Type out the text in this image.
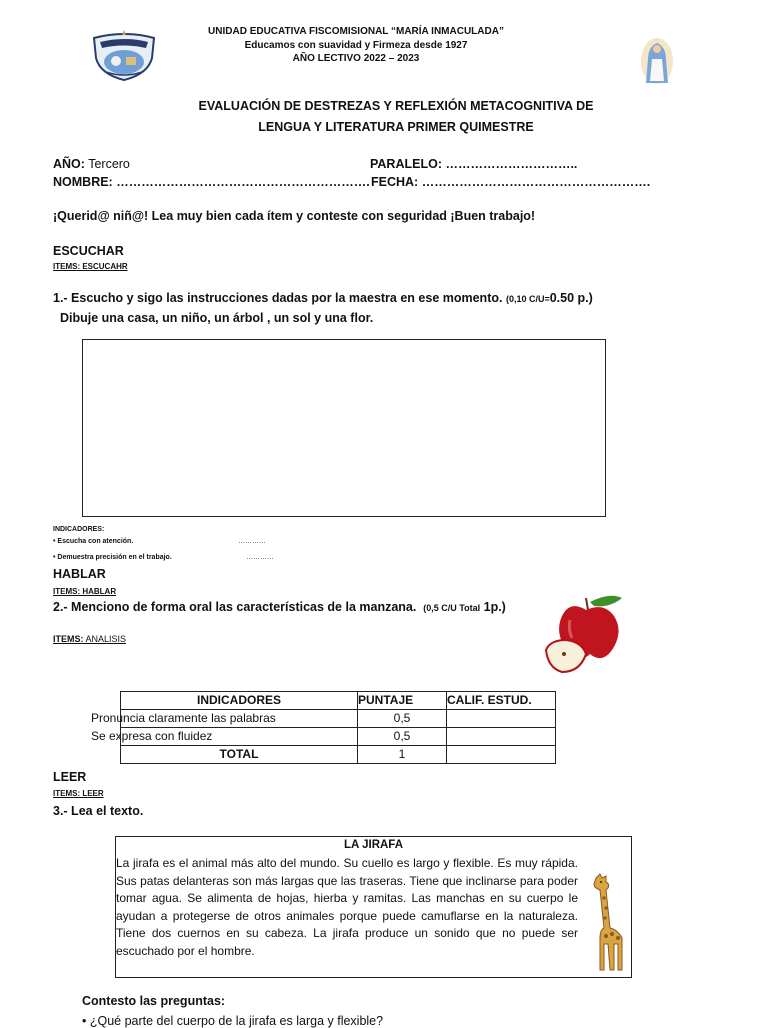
UNIDAD EDUCATIVA FISCOMISIONAL “MARÍA INMACULADA”
Educamos con suavidad y Firmeza desde 1927
AÑO LECTIVO 2022 – 2023
EVALUACIÓN DE DESTREZAS Y REFLEXIÓN METACOGNITIVA DE
LENGUA Y LITERATURA PRIMER QUIMESTRE
AÑO: Tercero	PARALELO: …………………………..
NOMBRE: ……………………………………………………. FECHA: ……………………………………………….
¡Querid@ niñ@! Lea muy bien cada ítem y conteste con seguridad ¡Buen trabajo!
ESCUCHAR
ITEMS: ESCUCAHR
1.- Escucho y sigo las instrucciones dadas por la maestra en ese momento. (0,10 C/U=0.50 p.)
Dibuje una casa, un niño, un árbol , un sol y una flor.
INDICADORES:
• Escucha con atención.	…………
• Demuestra precisión en el trabajo.	…………
HABLAR
ITEMS: HABLAR
2.- Menciono de forma oral las características de la manzana. (0,5 C/U Total 1p.)
ITEMS: ANALISIS
INDICADORES	PUNTAJE	CALIF. ESTUD.
Pronuncia claramente las palabras	0,5	
Se expresa con fluidez	0,5	
TOTAL	1	
LEER
ITEMS: LEER
3.- Lea el texto.
LA JIRAFA
La jirafa es el animal más alto del mundo. Su cuello es largo y flexible. Es muy rápida. Sus patas delanteras son más largas que las traseras. Tiene que inclinarse para poder tomar agua. Se alimenta de hojas, hierba y ramitas. Las manchas en su cuerpo le ayudan a protegerse de otros animales porque puede camuflarse en la naturaleza. Tiene dos cuernos en su cabeza. La jirafa produce un sonido que no puede ser escuchado por el hombre.
Contesto las preguntas:
• ¿Qué parte del cuerpo de la jirafa es larga y flexible?
